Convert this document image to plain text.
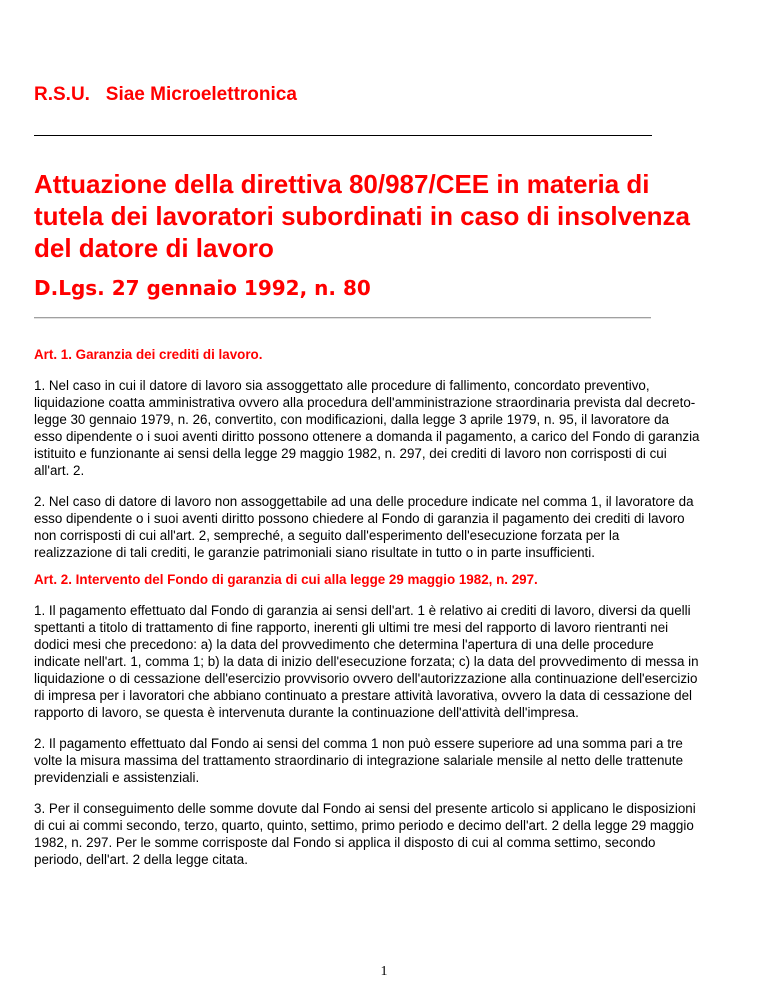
R.S.U.   Siae Microelettronica
Attuazione della direttiva 80/987/CEE in materia di tutela dei lavoratori subordinati in caso di insolvenza del datore di lavoro
D.Lgs. 27 gennaio 1992, n. 80

Art. 1. Garanzia dei crediti di lavoro.

1. Nel caso in cui il datore di lavoro sia assoggettato alle procedure di fallimento, concordato preventivo, liquidazione coatta amministrativa ovvero alla procedura dell'amministrazione straordinaria prevista dal decreto-legge 30 gennaio 1979, n. 26, convertito, con modificazioni, dalla legge 3 aprile 1979, n. 95, il lavoratore da esso dipendente o i suoi aventi diritto possono ottenere a domanda il pagamento, a carico del Fondo di garanzia istituito e funzionante ai sensi della legge 29 maggio 1982, n. 297, dei crediti di lavoro non corrisposti di cui all'art. 2.

2. Nel caso di datore di lavoro non assoggettabile ad una delle procedure indicate nel comma 1, il lavoratore da esso dipendente o i suoi aventi diritto possono chiedere al Fondo di garanzia il pagamento dei crediti di lavoro non corrisposti di cui all'art. 2, sempreché, a seguito dall'esperimento dell'esecuzione forzata per la realizzazione di tali crediti, le garanzie patrimoniali siano risultate in tutto o in parte insufficienti.

Art. 2. Intervento del Fondo di garanzia di cui alla legge 29 maggio 1982, n. 297.

1. Il pagamento effettuato dal Fondo di garanzia ai sensi dell'art. 1 è relativo ai crediti di lavoro, diversi da quelli spettanti a titolo di trattamento di fine rapporto, inerenti gli ultimi tre mesi del rapporto di lavoro rientranti nei dodici mesi che precedono: a) la data del provvedimento che determina l'apertura di una delle procedure indicate nell'art. 1, comma 1; b) la data di inizio dell'esecuzione forzata; c) la data del provvedimento di messa in liquidazione o di cessazione dell'esercizio provvisorio ovvero dell'autorizzazione alla continuazione dell'esercizio di impresa per i lavoratori che abbiano continuato a prestare attività lavorativa, ovvero la data di cessazione del rapporto di lavoro, se questa è intervenuta durante la continuazione dell'attività dell'impresa.

2. Il pagamento effettuato dal Fondo ai sensi del comma 1 non può essere superiore ad una somma pari a tre volte la misura massima del trattamento straordinario di integrazione salariale mensile al netto delle trattenute previdenziali e assistenziali.

3. Per il conseguimento delle somme dovute dal Fondo ai sensi del presente articolo si applicano le disposizioni di cui ai commi secondo, terzo, quarto, quinto, settimo, primo periodo e decimo dell'art. 2 della legge 29 maggio 1982, n. 297. Per le somme corrisposte dal Fondo si applica il disposto di cui al comma settimo, secondo periodo, dell'art. 2 della legge citata.

1
